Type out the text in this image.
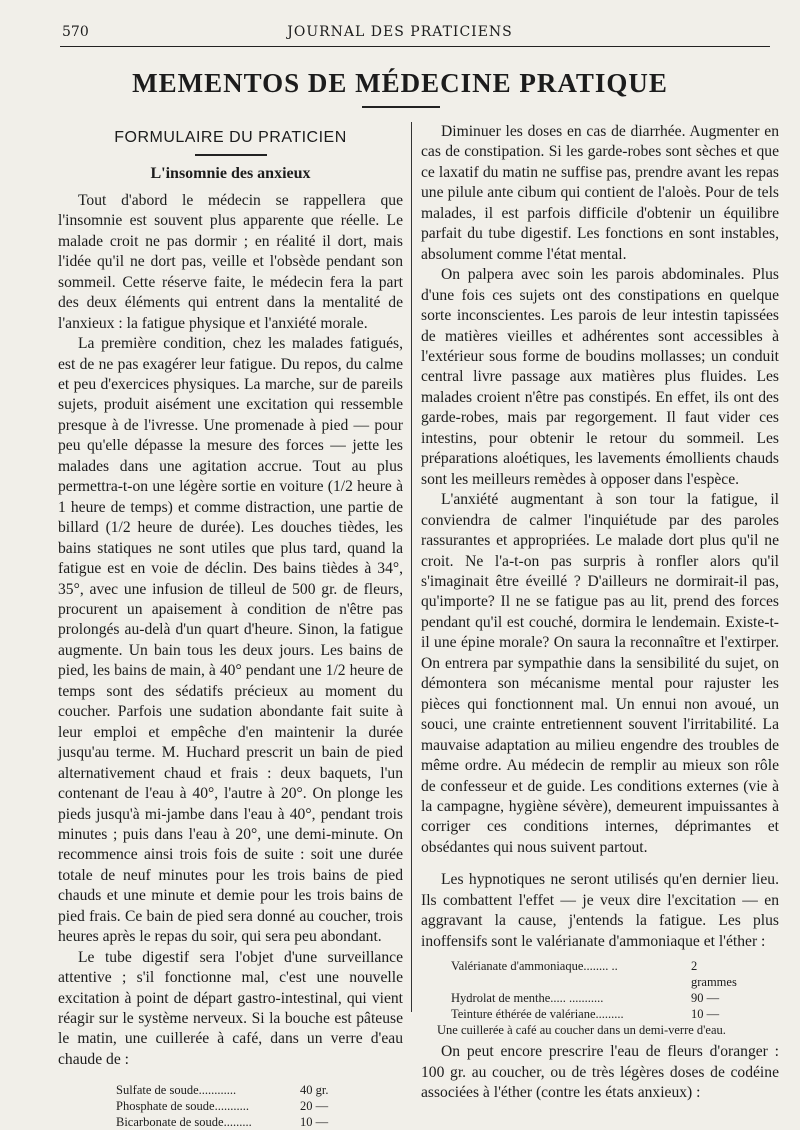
570	JOURNAL DES PRATICIENS
MEMENTOS DE MÉDECINE PRATIQUE
FORMULAIRE DU PRATICIEN
L'insomnie des anxieux

Tout d'abord le médecin se rappellera que l'insomnie est souvent plus apparente que réelle. Le malade croit ne pas dormir ; en réalité il dort, mais l'idée qu'il ne dort pas, veille et l'obsède pendant son sommeil. Cette réserve faite, le médecin fera la part des deux éléments qui entrent dans la mentalité de l'anxieux : la fatigue physique et l'anxiété morale.

La première condition, chez les malades fatigués, est de ne pas exagérer leur fatigue. Du repos, du calme et peu d'exercices physiques. La marche, sur de pareils sujets, produit aisément une excitation qui ressemble presque à de l'ivresse. Une promenade à pied — pour peu qu'elle dépasse la mesure des forces — jette les malades dans une agitation accrue. Tout au plus permettra-t-on une légère sortie en voiture (1/2 heure à 1 heure de temps) et comme distraction, une partie de billard (1/2 heure de durée). Les douches tièdes, les bains statiques ne sont utiles que plus tard, quand la fatigue est en voie de déclin. Des bains tièdes à 34°, 35°, avec une infusion de tilleul de 500 gr. de fleurs, procurent un apaisement à condition de n'être pas prolongés au-delà d'un quart d'heure. Sinon, la fatigue augmente. Un bain tous les deux jours. Les bains de pied, les bains de main, à 40° pendant une 1/2 heure de temps sont des sédatifs précieux au moment du coucher. Parfois une sudation abondante fait suite à leur emploi et empêche d'en maintenir la durée jusqu'au terme. M. Huchard prescrit un bain de pied alternativement chaud et frais : deux baquets, l'un contenant de l'eau à 40°, l'autre à 20°. On plonge les pieds jusqu'à mi-jambe dans l'eau à 40°, pendant trois minutes ; puis dans l'eau à 20°, une demi-minute. On recommence ainsi trois fois de suite : soit une durée totale de neuf minutes pour les trois bains de pied chauds et une minute et demie pour les trois bains de pied frais. Ce bain de pied sera donné au coucher, trois heures après le repas du soir, qui sera peu abondant.

Le tube digestif sera l'objet d'une surveillance attentive ; s'il fonctionne mal, c'est une nouvelle excitation à point de départ gastro-intestinal, qui vient réagir sur le système nerveux. Si la bouche est pâteuse le matin, une cuillerée à café, dans un verre d'eau chaude de :

Sulfate de soude............	40 gr.
Phosphate de soude...........	20 —
Bicarbonate de soude.........	10 —

Diminuer les doses en cas de diarrhée. Augmenter en cas de constipation. Si les garde-robes sont sèches et que ce laxatif du matin ne suffise pas, prendre avant les repas une pilule ante cibum qui contient de l'aloès. Pour de tels malades, il est parfois difficile d'obtenir un équilibre parfait du tube digestif. Les fonctions en sont instables, absolument comme l'état mental.

On palpera avec soin les parois abdominales. Plus d'une fois ces sujets ont des constipations en quelque sorte inconscientes. Les parois de leur intestin tapissées de matières vieilles et adhérentes sont accessibles à l'extérieur sous forme de boudins mollasses; un conduit central livre passage aux matières plus fluides. Les malades croient n'être pas constipés. En effet, ils ont des garde-robes, mais par regorgement. Il faut vider ces intestins, pour obtenir le retour du sommeil. Les préparations aloétiques, les lavements émollients chauds sont les meilleurs remèdes à opposer dans l'espèce.

L'anxiété augmentant à son tour la fatigue, il conviendra de calmer l'inquiétude par des paroles rassurantes et appropriées. Le malade dort plus qu'il ne croit. Ne l'a-t-on pas surpris à ronfler alors qu'il s'imaginait être éveillé ? D'ailleurs ne dormirait-il pas, qu'importe? Il ne se fatigue pas au lit, prend des forces pendant qu'il est couché, dormira le lendemain. Existe-t-il une épine morale? On saura la reconnaître et l'extirper. On entrera par sympathie dans la sensibilité du sujet, on démontera son mécanisme mental pour rajuster les pièces qui fonctionnent mal. Un ennui non avoué, un souci, une crainte entretiennent souvent l'irritabilité. La mauvaise adaptation au milieu engendre des troubles de même ordre. Au médecin de remplir au mieux son rôle de confesseur et de guide. Les conditions externes (vie à la campagne, hygiène sévère), demeurent impuissantes à corriger ces conditions internes, déprimantes et obsédantes qui nous suivent partout.

Les hypnotiques ne seront utilisés qu'en dernier lieu. Ils combattent l'effet — je veux dire l'excitation — en aggravant la cause, j'entends la fatigue. Les plus inoffensifs sont le valérianate d'ammoniaque et l'éther :

Valérianate d'ammoniaque........ ..	2 grammes
Hydrolat de menthe..... ...........	90 —
Teinture éthérée de valériane.........	10 —
Une cuillerée à café au coucher dans un demi-verre d'eau.

On peut encore prescrire l'eau de fleurs d'oranger : 100 gr. au coucher, ou de très légères doses de codéine associées à l'éther (contre les états anxieux) :
